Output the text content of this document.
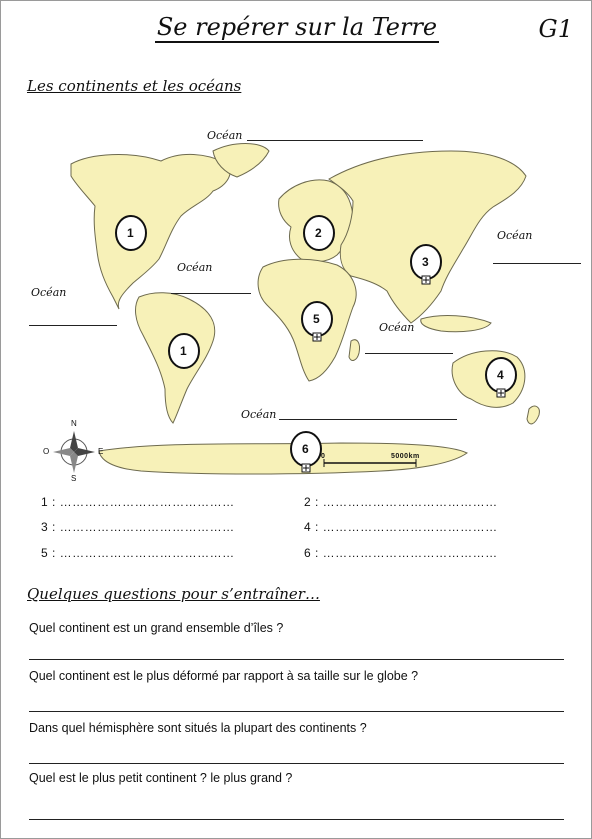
Se repérer sur la Terre	G1
Les continents et les océans
1	2
3
4
5
1
6
N
E
S
O
0	5000km
Océan
Océan
Océan
Océan
Océan
Océan
1 : ……………………………………	2 : ……………………………………
3 : ……………………………………	4 : ……………………………………
5 : ……………………………………	6 : ……………………………………
Quelques questions pour s’entraîner…
Quel continent est un grand ensemble d’îles ?
Quel continent est le plus déformé par rapport à sa taille sur le globe ?
Dans quel hémisphère sont situés la plupart des continents ?
Quel est le plus petit continent ? le plus grand ?
